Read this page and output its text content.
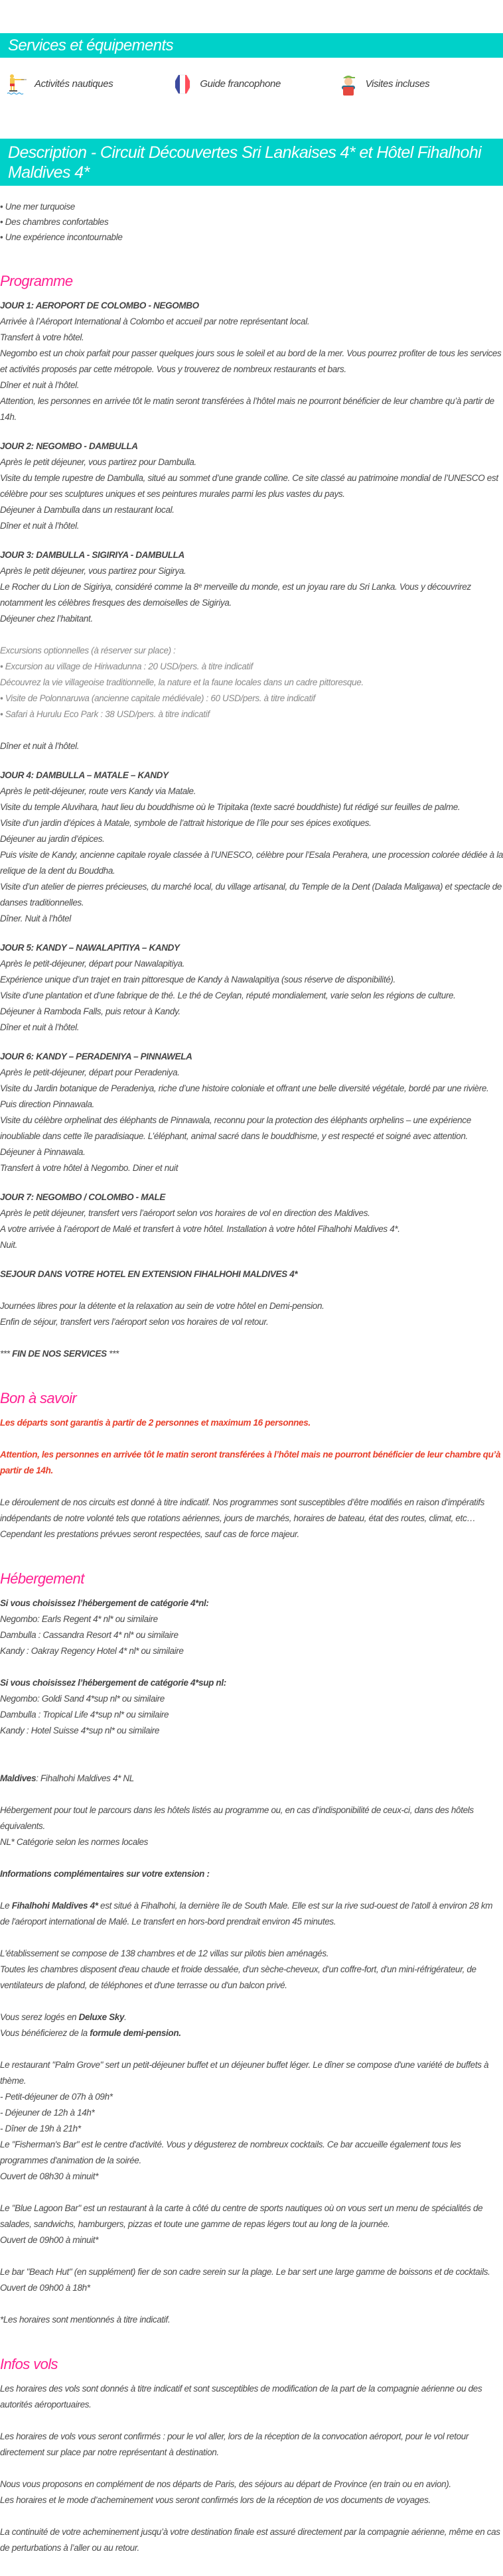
Services et équipements
Activités nautiques	Guide francophone	Visites incluses
Description - Circuit Découvertes Sri Lankaises 4* et Hôtel Fihalhohi Maldives 4*
• Une mer turquoise
• Des chambres confortables
• Une expérience incontournable
Programme

JOUR 1: AEROPORT DE COLOMBO - NEGOMBO

Arrivée à l’Aéroport International à Colombo et accueil par notre représentant local.

Transfert à votre hôtel.

Negombo est un choix parfait pour passer quelques jours sous le soleil et au bord de la mer. Vous pourrez profiter de tous les services et activités proposés par cette métropole. Vous y trouverez de nombreux restaurants et bars.

Dîner et nuit à l’hôtel.

Attention, les personnes en arrivée tôt le matin seront transférées à l’hôtel mais ne pourront bénéficier de leur chambre qu’à partir de 14h.

JOUR 2: NEGOMBO - DAMBULLA

Après le petit déjeuner, vous partirez pour Dambulla.

Visite du temple rupestre de Dambulla, situé au sommet d’une grande colline. Ce site classé au patrimoine mondial de l’UNESCO est célèbre pour ses sculptures uniques et ses peintures murales parmi les plus vastes du pays.

Déjeuner à Dambulla dans un restaurant local.

Dîner et nuit à l’hôtel.

JOUR 3: DAMBULLA - SIGIRIYA - DAMBULLA

Après le petit déjeuner, vous partirez pour Sigirya.

Le Rocher du Lion de Sigiriya, considéré comme la 8ᵉ merveille du monde, est un joyau rare du Sri Lanka. Vous y découvrirez notamment les célèbres fresques des demoiselles de Sigiriya.

Déjeuner chez l’habitant.

Excursions optionnelles (à réserver sur place) :

• Excursion au village de Hiriwadunna : 20 USD/pers. à titre indicatif

Découvrez la vie villageoise traditionnelle, la nature et la faune locales dans un cadre pittoresque.

• Visite de Polonnaruwa (ancienne capitale médiévale) : 60 USD/pers. à titre indicatif

• Safari à Hurulu Eco Park : 38 USD/pers. à titre indicatif

Dîner et nuit à l’hôtel.

JOUR 4: DAMBULLA – MATALE – KANDY

Après le petit-déjeuner, route vers Kandy via Matale.

Visite du temple Aluvihara, haut lieu du bouddhisme où le Tripitaka (texte sacré bouddhiste) fut rédigé sur feuilles de palme.

Visite d’un jardin d’épices à Matale, symbole de l’attrait historique de l’île pour ses épices exotiques.

Déjeuner au jardin d’épices.

Puis visite de Kandy, ancienne capitale royale classée à l’UNESCO, célèbre pour l’Esala Perahera, une procession colorée dédiée à la relique de la dent du Bouddha.

Visite d’un atelier de pierres précieuses, du marché local, du village artisanal, du Temple de la Dent (Dalada Maligawa) et spectacle de danses traditionnelles.

Dîner. Nuit à l’hôtel

JOUR 5: KANDY – NAWALAPITIYA – KANDY

Après le petit-déjeuner, départ pour Nawalapitiya.

Expérience unique d’un trajet en train pittoresque de Kandy à Nawalapitiya (sous réserve de disponibilité).

Visite d’une plantation et d’une fabrique de thé. Le thé de Ceylan, réputé mondialement, varie selon les régions de culture.

Déjeuner à Ramboda Falls, puis retour à Kandy.

Dîner et nuit à l’hôtel.

JOUR 6: KANDY – PERADENIYA – PINNAWELA

Après le petit-déjeuner, départ pour Peradeniya.

Visite du Jardin botanique de Peradeniya, riche d’une histoire coloniale et offrant une belle diversité végétale, bordé par une rivière.

Puis direction Pinnawala.

Visite du célèbre orphelinat des éléphants de Pinnawala, reconnu pour la protection des éléphants orphelins – une expérience inoubliable dans cette île paradisiaque. L’éléphant, animal sacré dans le bouddhisme, y est respecté et soigné avec attention.

Déjeuner à Pinnawala.

Transfert à votre hôtel à Negombo. Diner et nuit

JOUR 7: NEGOMBO / COLOMBO - MALE

Après le petit déjeuner, transfert vers l’aéroport selon vos horaires de vol en direction des Maldives.

A votre arrivée à l’aéroport de Malé et transfert à votre hôtel. Installation à votre hôtel Fihalhohi Maldives 4*.

Nuit.

SEJOUR DANS VOTRE HOTEL EN EXTENSION FIHALHOHI MALDIVES 4*

Journées libres pour la détente et la relaxation au sein de votre hôtel en Demi-pension.

Enfin de séjour, transfert vers l’aéroport selon vos horaires de vol retour.

*** FIN DE NOS SERVICES ***

Bon à savoir

Les départs sont garantis à partir de 2 personnes et maximum 16 personnes.

Attention, les personnes en arrivée tôt le matin seront transférées à l’hôtel mais ne pourront bénéficier de leur chambre qu’à partir de 14h.

Le déroulement de nos circuits est donné à titre indicatif. Nos programmes sont susceptibles d’être modifiés en raison d’impératifs indépendants de notre volonté tels que rotations aériennes, jours de marchés, horaires de bateau, état des routes, climat, etc… Cependant les prestations prévues seront respectées, sauf cas de force majeur.

Hébergement

Si vous choisissez l’hébergement de catégorie 4*nl:

Negombo: Earls Regent 4* nl* ou similaire

Dambulla : Cassandra Resort 4* nl* ou similaire

Kandy : Oakray Regency Hotel 4* nl* ou similaire

Si vous choisissez l’hébergement de catégorie 4*sup nl:

Negombo: Goldi Sand 4*sup nl* ou similaire

Dambulla : Tropical Life 4*sup nl* ou similaire

Kandy : Hotel Suisse 4*sup nl* ou similaire

Maldives: Fihalhohi Maldives 4* NL

Hébergement pour tout le parcours dans les hôtels listés au programme ou, en cas d’indisponibilité de ceux-ci, dans des hôtels équivalents.

NL* Catégorie selon les normes locales

Informations complémentaires sur votre extension :

Le Fihalhohi Maldives 4* est situé à Fihalhohi, la dernière île de South Male. Elle est sur la rive sud-ouest de l'atoll à environ 28 km de l'aéroport international de Malé. Le transfert en hors-bord prendrait environ 45 minutes.

L'établissement se compose de 138 chambres et de 12 villas sur pilotis bien aménagés.

Toutes les chambres disposent d'eau chaude et froide dessalée, d'un sèche-cheveux, d'un coffre-fort, d'un mini-réfrigérateur, de ventilateurs de plafond, de téléphones et d'une terrasse ou d'un balcon privé.

Vous serez logés en Deluxe Sky.

Vous bénéficierez de la formule demi-pension.

Le restaurant "Palm Grove" sert un petit-déjeuner buffet et un déjeuner buffet léger. Le dîner se compose d'une variété de buffets à thème.

- Petit-déjeuner de 07h à 09h*

- Déjeuner de 12h à 14h*

- Dîner de 19h à 21h*

Le "Fisherman's Bar" est le centre d'activité. Vous y dégusterez de nombreux cocktails. Ce bar accueille également tous les programmes d'animation de la soirée.

Ouvert de 08h30 à minuit*

Le "Blue Lagoon Bar" est un restaurant à la carte à côté du centre de sports nautiques où on vous sert un menu de spécialités de salades, sandwichs, hamburgers, pizzas et toute une gamme de repas légers tout au long de la journée.

Ouvert de 09h00 à minuit*

Le bar "Beach Hut" (en supplément) fier de son cadre serein sur la plage. Le bar sert une large gamme de boissons et de cocktails.

Ouvert de 09h00 à 18h*

*Les horaires sont mentionnés à titre indicatif.

Infos vols

Les horaires des vols sont donnés à titre indicatif et sont susceptibles de modification de la part de la compagnie aérienne ou des autorités aéroportuaires.

Les horaires de vols vous seront confirmés : pour le vol aller, lors de la réception de la convocation aéroport, pour le vol retour directement sur place par notre représentant à destination.

Nous vous proposons en complément de nos départs de Paris, des séjours au départ de Province (en train ou en avion).

Les horaires et le mode d’acheminement vous seront confirmés lors de la réception de vos documents de voyages.

La continuité de votre acheminement jusqu’à votre destination finale est assuré directement par la compagnie aérienne, même en cas de perturbations à l’aller ou au retour.
